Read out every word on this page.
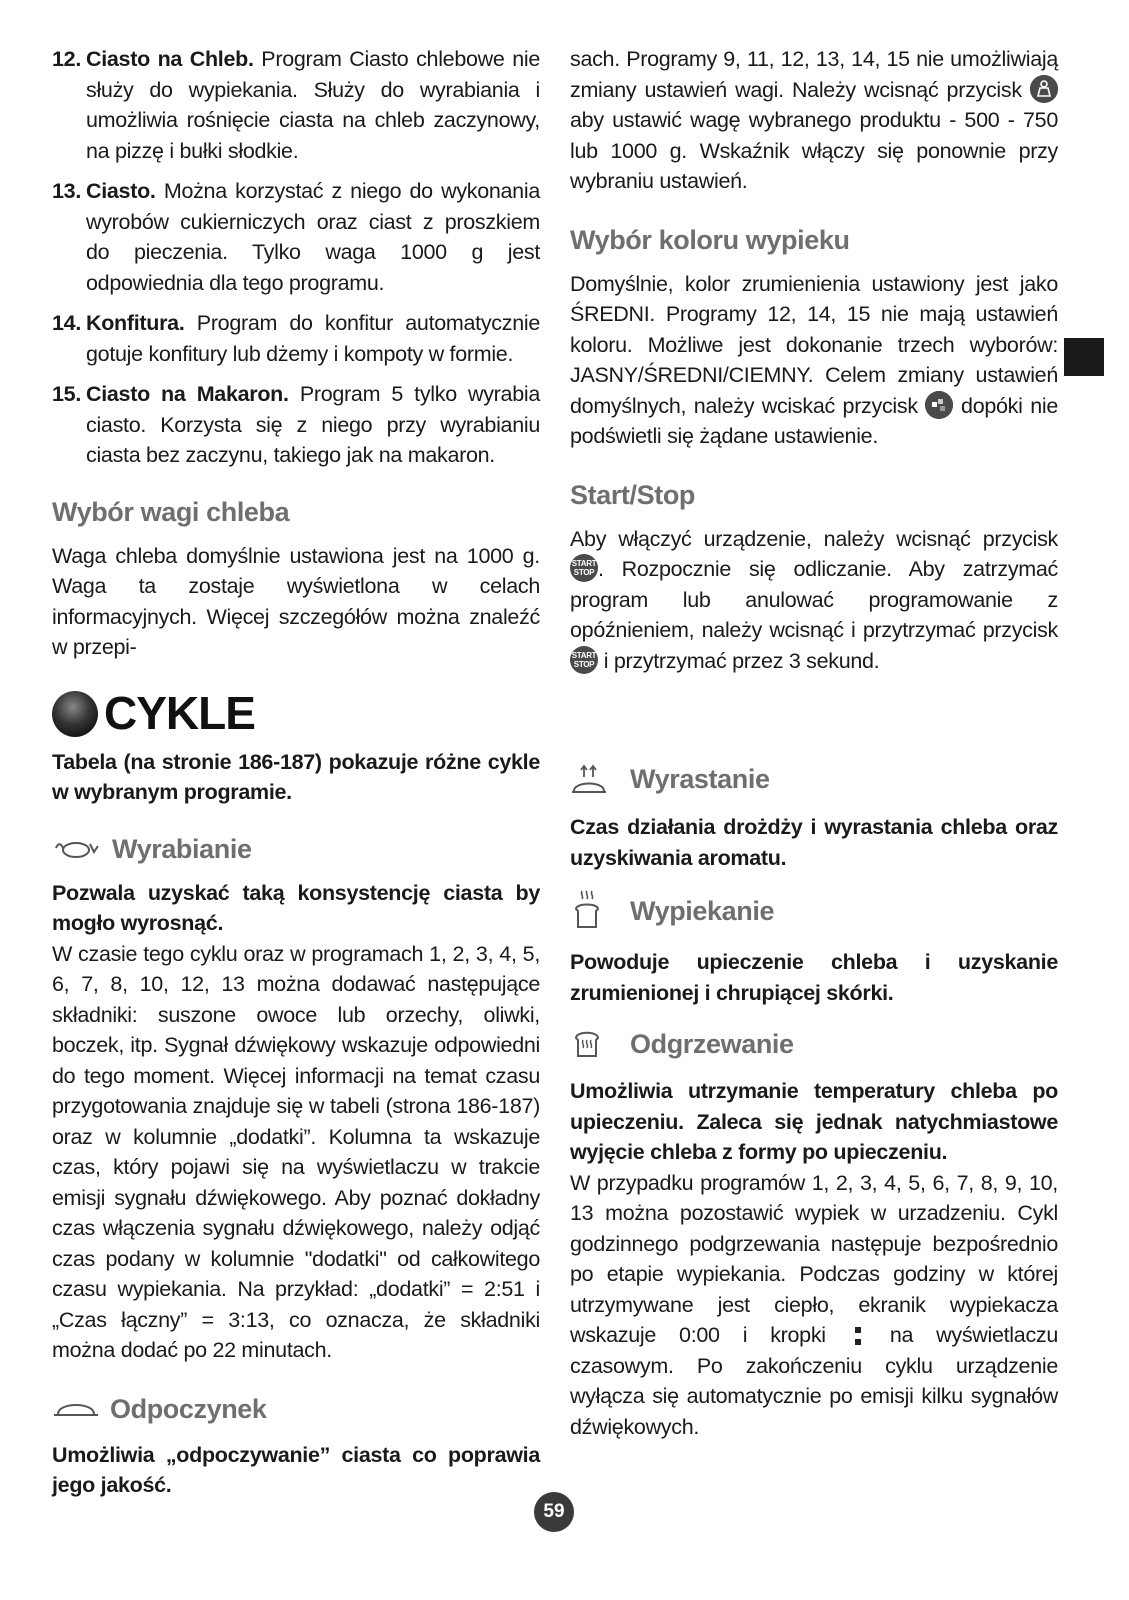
12. Ciasto na Chleb. Program Ciasto chlebowe nie służy do wypiekania. Służy do wyrabiania i umożliwia rośnięcie ciasta na chleb zaczynowy, na pizzę i bułki słodkie.
13. Ciasto. Można korzystać z niego do wykonania wyrobów cukierniczych oraz ciast z proszkiem do pieczenia. Tylko waga 1000 g jest odpowiednia dla tego programu.
14. Konfitura. Program do konfitur automatycznie gotuje konfitury lub dżemy i kompoty w formie.
15. Ciasto na Makaron. Program 5 tylko wyrabia ciasto. Korzysta się z niego przy wyrabianiu ciasta bez zaczynu, takiego jak na makaron.
Wybór wagi chleba

Waga chleba domyślnie ustawiona jest na 1000 g. Waga ta zostaje wyświetlona w celach informacyjnych. Więcej szczegółów można znaleźć w przepi-

CYKLE

Tabela (na stronie 186-187) pokazuje różne cykle w wybranym programie.

Wyrabianie

Pozwala uzyskać taką konsystencję ciasta by mogło wyrosnąć.

W czasie tego cyklu oraz w programach 1, 2, 3, 4, 5, 6, 7, 8, 10, 12, 13 można dodawać następujące składniki: suszone owoce lub orzechy, oliwki, boczek, itp. Sygnał dźwiękowy wskazuje odpowiedni do tego moment. Więcej informacji na temat czasu przygotowania znajduje się w tabeli (strona 186-187) oraz w kolumnie „dodatki”. Kolumna ta wskazuje czas, który pojawi się na wyświetlaczu w trakcie emisji sygnału dźwiękowego. Aby poznać dokładny czas włączenia sygnału dźwiękowego, należy odjąć czas podany w kolumnie "dodatki" od całkowitego czasu wypiekania. Na przykład: „dodatki” = 2:51 i „Czas łączny” = 3:13, co oznacza, że składniki można dodać po 22 minutach.

Odpoczynek

Umożliwia „odpoczywanie” ciasta co poprawia jego jakość.

sach. Programy 9, 11, 12, 13, 14, 15 nie umożliwiają zmiany ustawień wagi. Należy wcisnąć przycisk
aby ustawić wagę wybranego produktu - 500 - 750 lub 1000 g. Wskaźnik włączy się ponownie przy wybraniu ustawień.

Wybór koloru wypieku

Domyślnie, kolor zrumienienia ustawiony jest jako ŚREDNI. Programy 12, 14, 15 nie mają ustawień koloru. Możliwe jest dokonanie trzech wyborów: JASNY/ŚREDNI/CIEMNY. Celem zmiany ustawień domyślnych, należy wciskać przycisk dopóki nie podświetli się żądane ustawienie.

Start/Stop

Aby włączyć urządzenie, należy wcisnąć przycisk
START
STOP . Rozpocznie się odliczanie. Aby zatrzymać program lub anulować programowanie z opóźnieniem, należy wcisnąć i przytrzymać przycisk
START
STOP i przytrzymać przez 3 sekund.

Wyrastanie

Czas działania drożdży i wyrastania chleba oraz uzyskiwania aromatu.

Wypiekanie

Powoduje upieczenie chleba i uzyskanie zrumienionej i chrupiącej skórki.

Odgrzewanie

Umożliwia utrzymanie temperatury chleba po upieczeniu. Zaleca się jednak natychmiastowe wyjęcie chleba z formy po upieczeniu.

W przypadku programów 1, 2, 3, 4, 5, 6, 7, 8, 9, 10, 13 można pozostawić wypiek w urzadzeniu. Cykl godzinnego podgrzewania następuje bezpośrednio po etapie wypiekania. Podczas godziny w której utrzymywane jest ciepło, ekranik wypiekacza wskazuje 0:00 i kropki	na wyświetlaczu czasowym. Po zakończeniu cyklu urządzenie wyłącza się automatycznie po emisji kilku sygnałów dźwiękowych.

59
